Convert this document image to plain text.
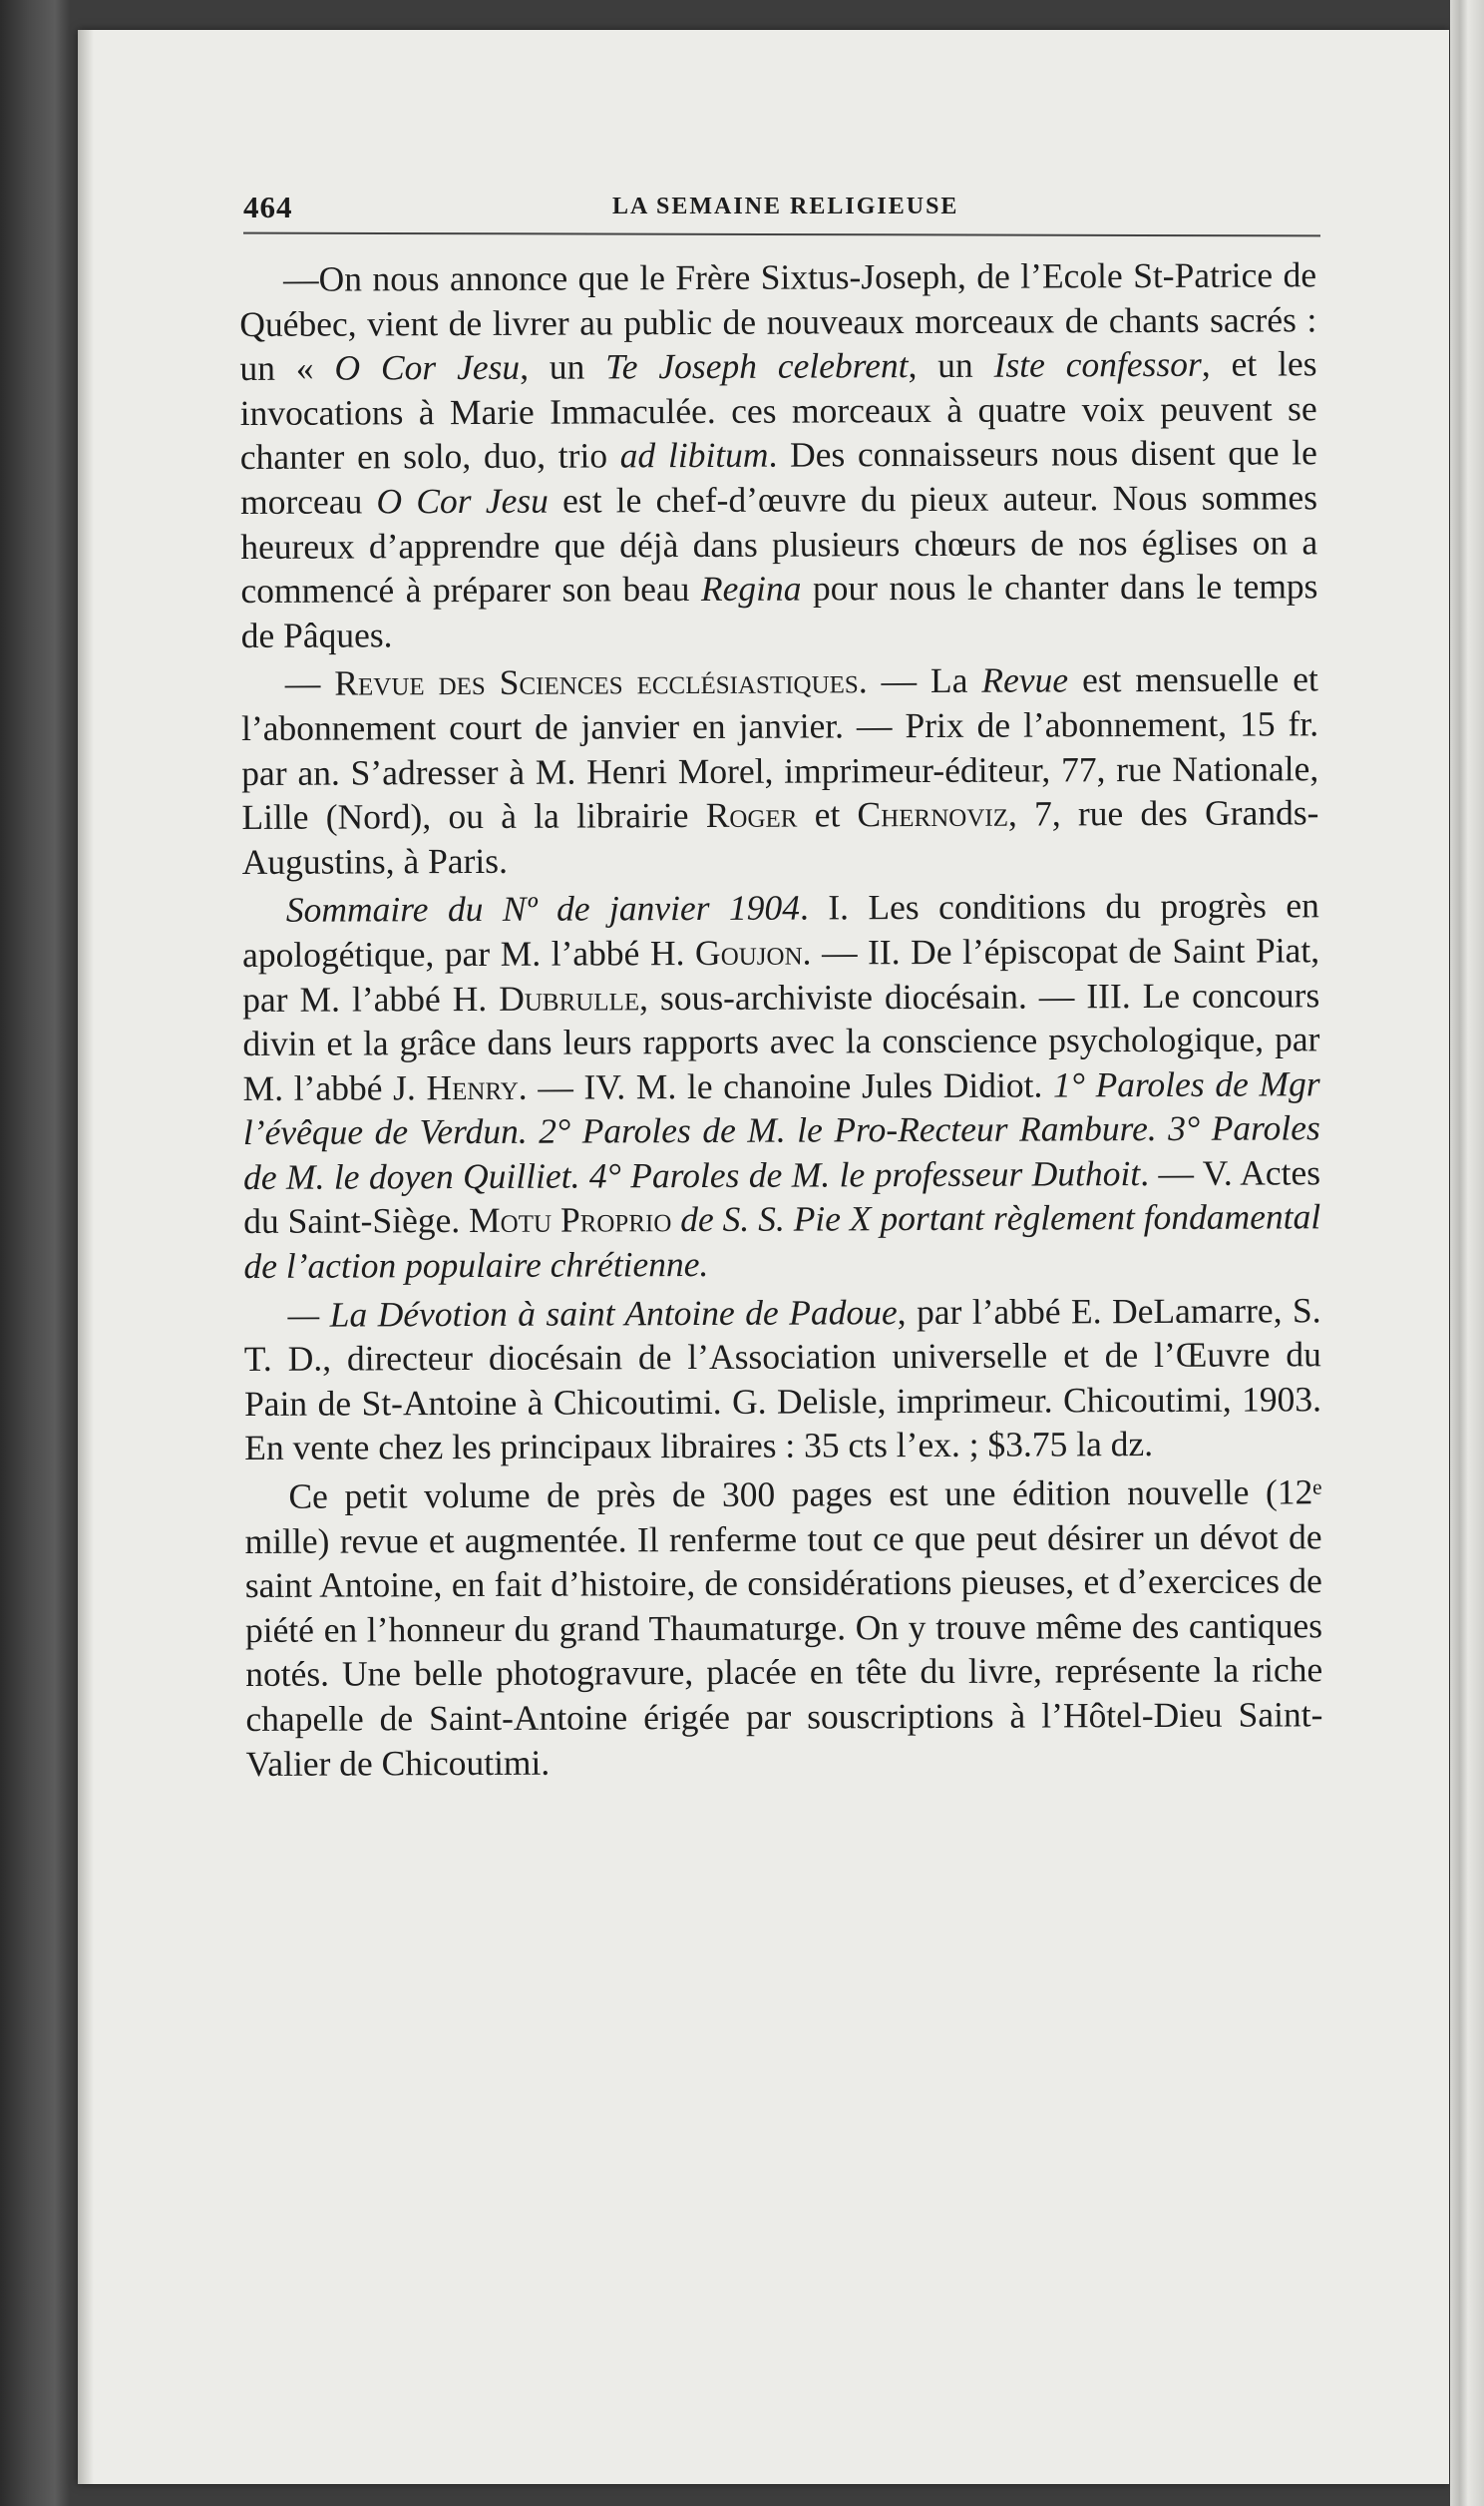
464	LA SEMAINE RELIGIEUSE

—On nous annonce que le Frère Sixtus-Joseph, de l’Ecole St-Patrice de Québec, vient de livrer au public de nouveaux morceaux de chants sacrés : un « O Cor Jesu, un Te Joseph celebrent, un Iste confessor, et les invocations à Marie Immaculée. ces morceaux à quatre voix peuvent se chanter en solo, duo, trio ad libitum. Des connaisseurs nous disent que le morceau O Cor Jesu est le chef-d’œuvre du pieux auteur. Nous sommes heureux d’apprendre que déjà dans plusieurs chœurs de nos églises on a commencé à préparer son beau Regina pour nous le chanter dans le temps de Pâques.

— Revue des Sciences ecclésiastiques. — La Revue est mensuelle et l’abonnement court de janvier en janvier. — Prix de l’abonnement, 15 fr. par an. S’adresser à M. Henri Morel, imprimeur-éditeur, 77, rue Nationale, Lille (Nord), ou à la librairie Roger et Chernoviz, 7, rue des Grands-Augustins, à Paris.

Sommaire du Nº de janvier 1904. I. Les conditions du progrès en apologétique, par M. l’abbé H. Goujon. — II. De l’épiscopat de Saint Piat, par M. l’abbé H. Dubrulle, sous-archiviste diocésain. — III. Le concours divin et la grâce dans leurs rapports avec la conscience psychologique, par M. l’abbé J. Henry. — IV. M. le chanoine Jules Didiot. 1° Paroles de Mgr l’évêque de Verdun. 2° Paroles de M. le Pro-Recteur Rambure. 3° Paroles de M. le doyen Quilliet. 4° Paroles de M. le professeur Duthoit. — V. Actes du Saint-Siège. Motu Proprio de S. S. Pie X portant règlement fondamental de l’action populaire chrétienne.

— La Dévotion à saint Antoine de Padoue, par l’abbé E. DeLamarre, S. T. D., directeur diocésain de l’Association universelle et de l’Œuvre du Pain de St-Antoine à Chicoutimi. G. Delisle, imprimeur. Chicoutimi, 1903. En vente chez les principaux libraires : 35 cts l’ex. ; $3.75 la dz.

Ce petit volume de près de 300 pages est une édition nouvelle (12ᵉ mille) revue et augmentée. Il renferme tout ce que peut désirer un dévot de saint Antoine, en fait d’histoire, de considérations pieuses, et d’exercices de piété en l’honneur du grand Thaumaturge. On y trouve même des cantiques notés. Une belle photogravure, placée en tête du livre, représente la riche chapelle de Saint-Antoine érigée par souscriptions à l’Hôtel-Dieu Saint-Valier de Chicoutimi.
